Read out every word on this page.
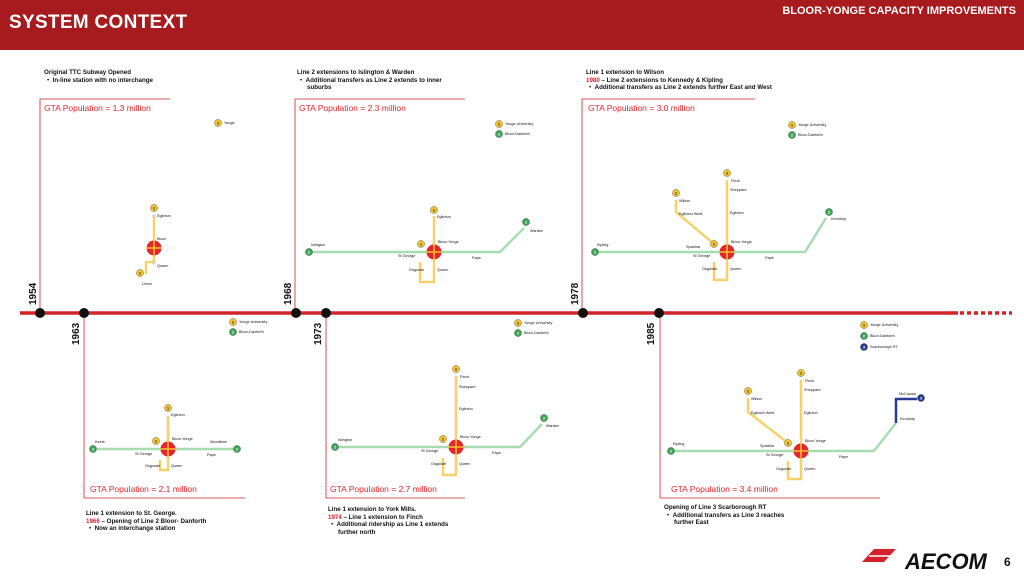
SYSTEM CONTEXT
BLOOR-YONGE CAPACITY IMPROVEMENTS
1954
1963
1968
1973
1978
1985
GTA Population = 1.3 million
GTA Population = 2.1 million
GTA Population = 2.3 million
GTA Population = 2.7 million
GTA Population = 3.0 million
GTA Population = 3.4 million
1 Yonge
1
Eglinton
Bloor
Queen
1
Union
1 Yonge University
2 Bloor-Danforth
1
Eglinton
2
Keele
2
Woodbine
1
St George
Bloor-Yonge
Pape
Osgoode	Queen
1 Yonge University
2 Bloor-Danforth
1
Eglinton
2
Islington
2
Warden
1
St George
Bloor-Yonge
Pape
Osgoode	Queen
1 Yonge University
2 Bloor-Danforth
1
Finch
Sheppard
Eglinton
2
Islington
2
Warden
1
St George
Bloor-Yonge
Pape
Osgoode	Queen
1 Yonge University
2 Bloor-Danforth
1
Finch
Sheppard
Eglinton
1
Wilson
Eglinton West
Spadina
2
Kipling
2
Kennedy
1
St George
Bloor-Yonge
Pape
Osgoode	Queen
1 Yonge University
2 Bloor-Danforth
3 Scarborough RT
1
Finch
Sheppard
Eglinton
1
Wilson
Eglinton West
Spadina
2
Kipling
3
McCowan
Kennedy
1
St George
Bloor-Yonge
Pape
Osgoode	Queen
AECOM
Original TTC Subway Opened
•  In-line station with no interchange
Line 1 extension to St. George.
1966 – Opening of Line 2 Bloor- Danforth
•  Now an interchange station
Line 2 extensions to Islington & Warden
•  Additional transfers as Line 2 extends to inner suburbs
Line 1 extension to York Mills.
1974 – Line 1 extension to Finch
•  Additional ridership as Line 1 extends further north
Line 1 extension to Wilson
1980 – Line 2 extensions to Kennedy & Kipling
•  Additional transfers as Line 2 extends further East and West
Opening of Line 3 Scarborough RT
•  Additional transfers as Line 3 reaches further East
6
